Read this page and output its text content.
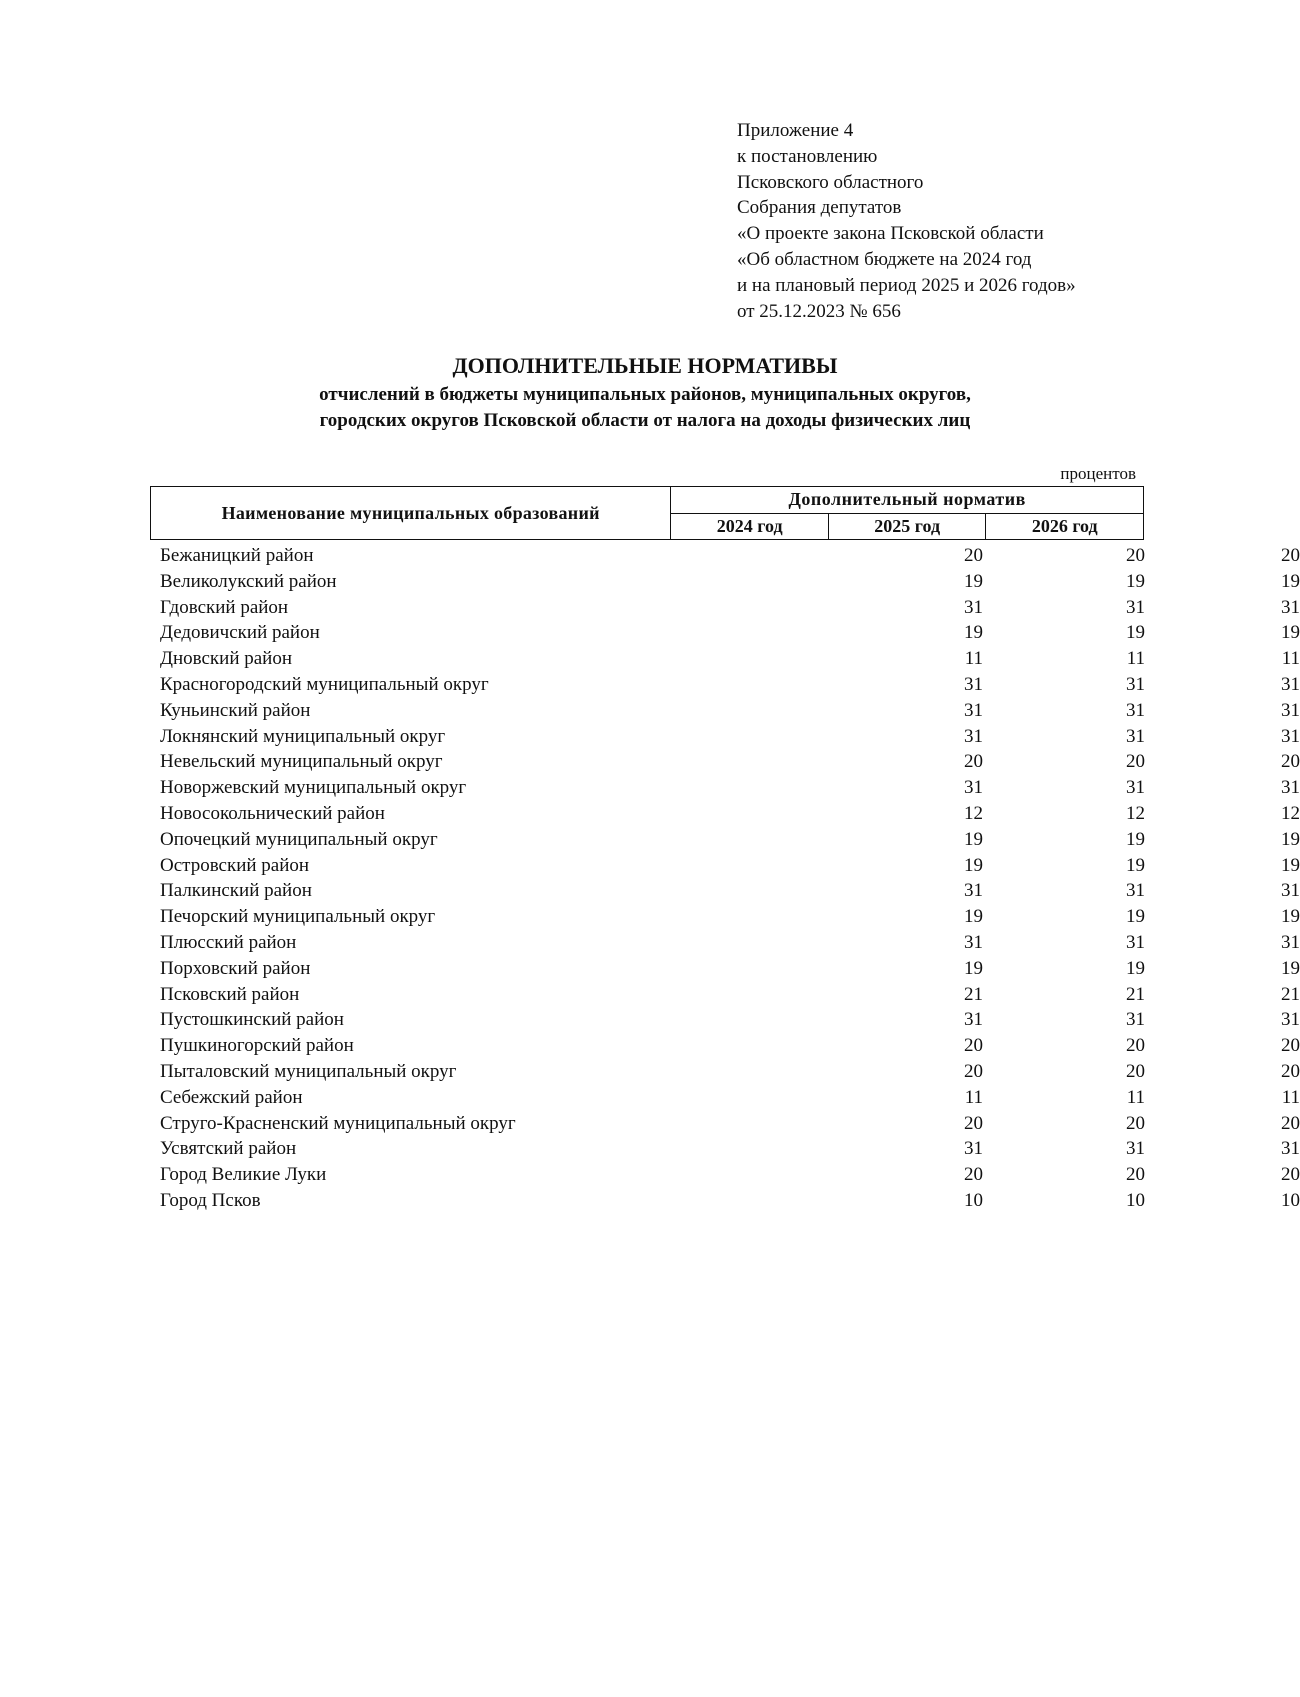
Приложение 4
к постановлению
Псковского областного
Собрания депутатов
«О проекте закона Псковской области
«Об областном бюджете на 2024 год
и на плановый период 2025 и 2026 годов»
от 25.12.2023 № 656
ДОПОЛНИТЕЛЬНЫЕ НОРМАТИВЫ
отчислений в бюджеты муниципальных районов, муниципальных округов,
городских округов Псковской области от налога на доходы физических лиц
процентов
Наименование муниципальных образований	Дополнительный норматив		
	2024 год	2025 год	2026 год
Бежаницкий район	20	20	20
Великолукский район	19	19	19
Гдовский район	31	31	31
Дедовичский район	19	19	19
Дновский район	11	11	11
Красногородский муниципальный округ	31	31	31
Куньинский район	31	31	31
Локнянский муниципальный округ	31	31	31
Невельский муниципальный округ	20	20	20
Новоржевский муниципальный округ	31	31	31
Новосокольнический район	12	12	12
Опочецкий муниципальный округ	19	19	19
Островский район	19	19	19
Палкинский район	31	31	31
Печорский муниципальный округ	19	19	19
Плюсский район	31	31	31
Порховский район	19	19	19
Псковский район	21	21	21
Пустошкинский район	31	31	31
Пушкиногорский район	20	20	20
Пыталовский муниципальный округ	20	20	20
Себежский район	11	11	11
Струго-Красненский муниципальный округ	20	20	20
Усвятский район	31	31	31
Город Великие Луки	20	20	20
Город Псков	10	10	10
